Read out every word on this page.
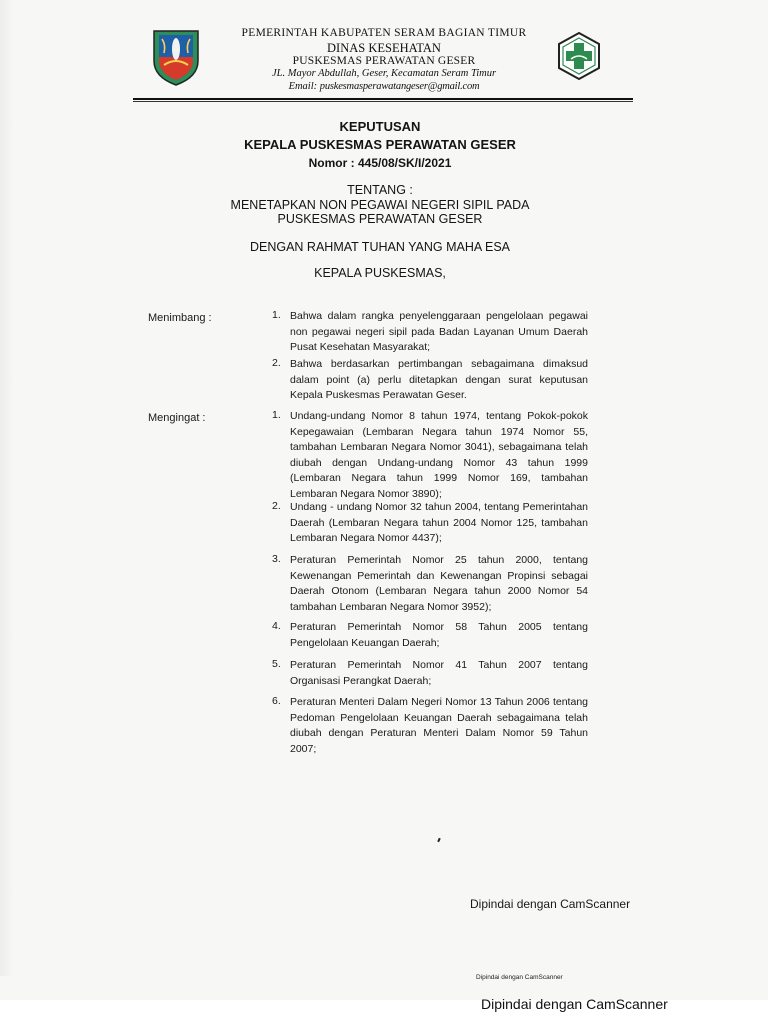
PEMERINTAH KABUPATEN SERAM BAGIAN TIMUR
DINAS KESEHATAN
PUSKESMAS PERAWATAN GESER
JL. Mayor Abdullah, Geser, Kecamatan Seram Timur
Email: puskesmasperawatangeser@gmail.com
KEPUTUSAN
KEPALA PUSKESMAS PERAWATAN GESER
Nomor : 445/08/SK/I/2021
TENTANG :
MENETAPKAN NON PEGAWAI NEGERI SIPIL PADA
PUSKESMAS PERAWATAN GESER
DENGAN RAHMAT TUHAN YANG MAHA ESA
KEPALA PUSKESMAS,
Menimbang :	1. Bahwa dalam rangka penyelenggaraan pengelolaan pegawai non pegawai negeri sipil pada Badan Layanan Umum Daerah Pusat Kesehatan Masyarakat;
2. Bahwa berdasarkan pertimbangan sebagaimana dimaksud dalam point (a) perlu ditetapkan dengan surat keputusan Kepala Puskesmas Perawatan Geser.
Mengingat :	1. Undang-undang Nomor 8 tahun 1974, tentang Pokok-pokok Kepegawaian (Lembaran Negara tahun 1974 Nomor 55, tambahan Lembaran Negara Nomor 3041), sebagaimana telah diubah dengan Undang-undang Nomor 43 tahun 1999 (Lembaran Negara tahun 1999 Nomor 169, tambahan Lembaran Negara Nomor 3890);
2. Undang - undang Nomor 32 tahun 2004, tentang Pemerintahan Daerah (Lembaran Negara tahun 2004 Nomor 125, tambahan Lembaran Negara Nomor 4437);
3. Peraturan Pemerintah Nomor 25 tahun 2000, tentang Kewenangan Pemerintah dan Kewenangan Propinsi sebagai Daerah Otonom (Lembaran Negara tahun 2000 Nomor 54 tambahan Lembaran Negara Nomor 3952);
4. Peraturan Pemerintah Nomor 58 Tahun 2005 tentang Pengelolaan Keuangan Daerah;
5. Peraturan Pemerintah Nomor 41 Tahun 2007 tentang Organisasi Perangkat Daerah;
6. Peraturan Menteri Dalam Negeri Nomor 13 Tahun 2006 tentang Pedoman Pengelolaan Keuangan Daerah sebagaimana telah diubah dengan Peraturan Menteri Dalam Nomor 59 Tahun 2007;
Dipindai dengan CamScanner
Dipindai dengan CamScanner
Dipindai dengan CamScanner
